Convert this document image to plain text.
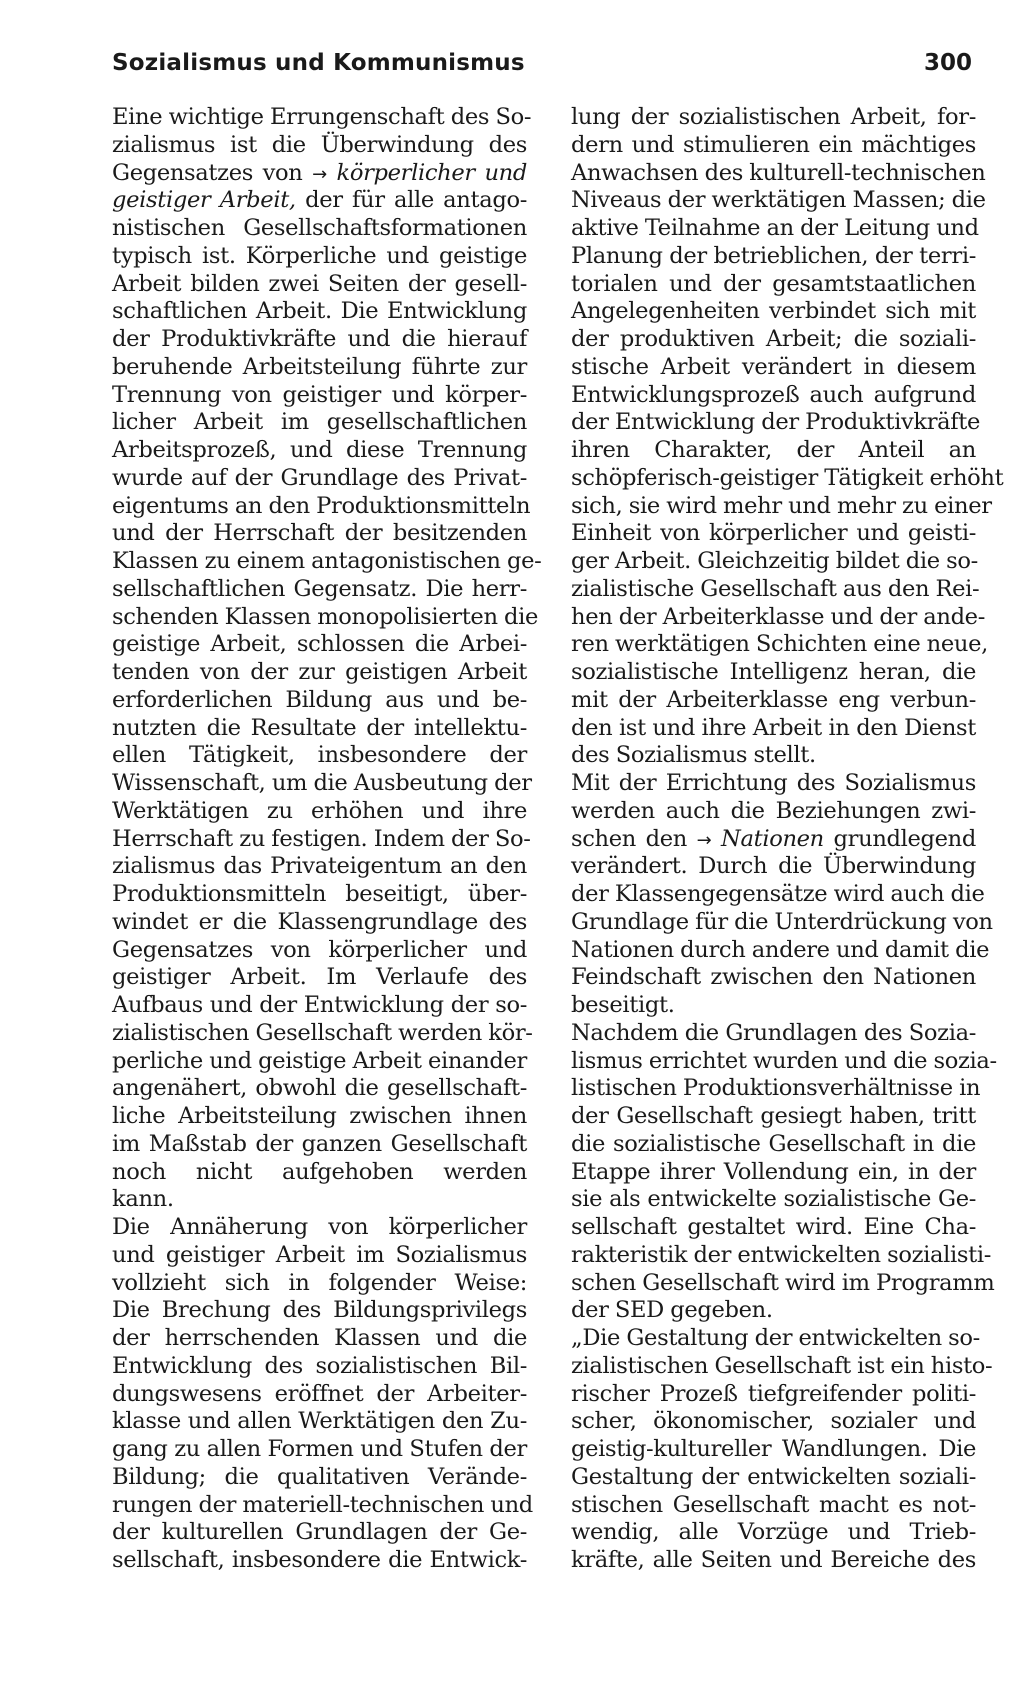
Sozialismus und Kommunismus	300
Eine wichtige Errungenschaft des So-
zialismus ist die Überwindung des
Gegensatzes von → körperlicher und
geistiger Arbeit, der für alle antago-
nistischen Gesellschaftsformationen
typisch ist. Körperliche und geistige
Arbeit bilden zwei Seiten der gesell-
schaftlichen Arbeit. Die Entwicklung
der Produktivkräfte und die hierauf
beruhende Arbeitsteilung führte zur
Trennung von geistiger und körper-
licher Arbeit im gesellschaftlichen
Arbeitsprozeß, und diese Trennung
wurde auf der Grundlage des Privat-
eigentums an den Produktionsmitteln
und der Herrschaft der besitzenden
Klassen zu einem antagonistischen ge-
sellschaftlichen Gegensatz. Die herr-
schenden Klassen monopolisierten die
geistige Arbeit, schlossen die Arbei-
tenden von der zur geistigen Arbeit
erforderlichen Bildung aus und be-
nutzten die Resultate der intellektu-
ellen Tätigkeit, insbesondere der
Wissenschaft, um die Ausbeutung der
Werktätigen zu erhöhen und ihre
Herrschaft zu festigen. Indem der So-
zialismus das Privateigentum an den
Produktionsmitteln beseitigt, über-
windet er die Klassengrundlage des
Gegensatzes von körperlicher und
geistiger Arbeit. Im Verlaufe des
Aufbaus und der Entwicklung der so-
zialistischen Gesellschaft werden kör-
perliche und geistige Arbeit einander
angenähert, obwohl die gesellschaft-
liche Arbeitsteilung zwischen ihnen
im Maßstab der ganzen Gesellschaft
noch nicht aufgehoben werden
kann.
Die Annäherung von körperlicher
und geistiger Arbeit im Sozialismus
vollzieht sich in folgender Weise:
Die Brechung des Bildungsprivilegs
der herrschenden Klassen und die
Entwicklung des sozialistischen Bil-
dungswesens eröffnet der Arbeiter-
klasse und allen Werktätigen den Zu-
gang zu allen Formen und Stufen der
Bildung; die qualitativen Verände-
rungen der materiell-technischen und
der kulturellen Grundlagen der Ge-
sellschaft, insbesondere die Entwick-
lung der sozialistischen Arbeit, for-
dern und stimulieren ein mächtiges
Anwachsen des kulturell-technischen
Niveaus der werktätigen Massen; die
aktive Teilnahme an der Leitung und
Planung der betrieblichen, der terri-
torialen und der gesamtstaatlichen
Angelegenheiten verbindet sich mit
der produktiven Arbeit; die soziali-
stische Arbeit verändert in diesem
Entwicklungsprozeß auch aufgrund
der Entwicklung der Produktivkräfte
ihren Charakter, der Anteil an
schöpferisch-geistiger Tätigkeit erhöht
sich, sie wird mehr und mehr zu einer
Einheit von körperlicher und geisti-
ger Arbeit. Gleichzeitig bildet die so-
zialistische Gesellschaft aus den Rei-
hen der Arbeiterklasse und der ande-
ren werktätigen Schichten eine neue,
sozialistische Intelligenz heran, die
mit der Arbeiterklasse eng verbun-
den ist und ihre Arbeit in den Dienst
des Sozialismus stellt.
Mit der Errichtung des Sozialismus
werden auch die Beziehungen zwi-
schen den → Nationen grundlegend
verändert. Durch die Überwindung
der Klassengegensätze wird auch die
Grundlage für die Unterdrückung von
Nationen durch andere und damit die
Feindschaft zwischen den Nationen
beseitigt.
Nachdem die Grundlagen des Sozia-
lismus errichtet wurden und die sozia-
listischen Produktionsverhältnisse in
der Gesellschaft gesiegt haben, tritt
die sozialistische Gesellschaft in die
Etappe ihrer Vollendung ein, in der
sie als entwickelte sozialistische Ge-
sellschaft gestaltet wird. Eine Cha-
rakteristik der entwickelten sozialisti-
schen Gesellschaft wird im Programm
der SED gegeben.
„Die Gestaltung der entwickelten so-
zialistischen Gesellschaft ist ein histo-
rischer Prozeß tiefgreifender politi-
scher, ökonomischer, sozialer und
geistig-kultureller Wandlungen. Die
Gestaltung der entwickelten soziali-
stischen Gesellschaft macht es not-
wendig, alle Vorzüge und Trieb-
kräfte, alle Seiten und Bereiche des
